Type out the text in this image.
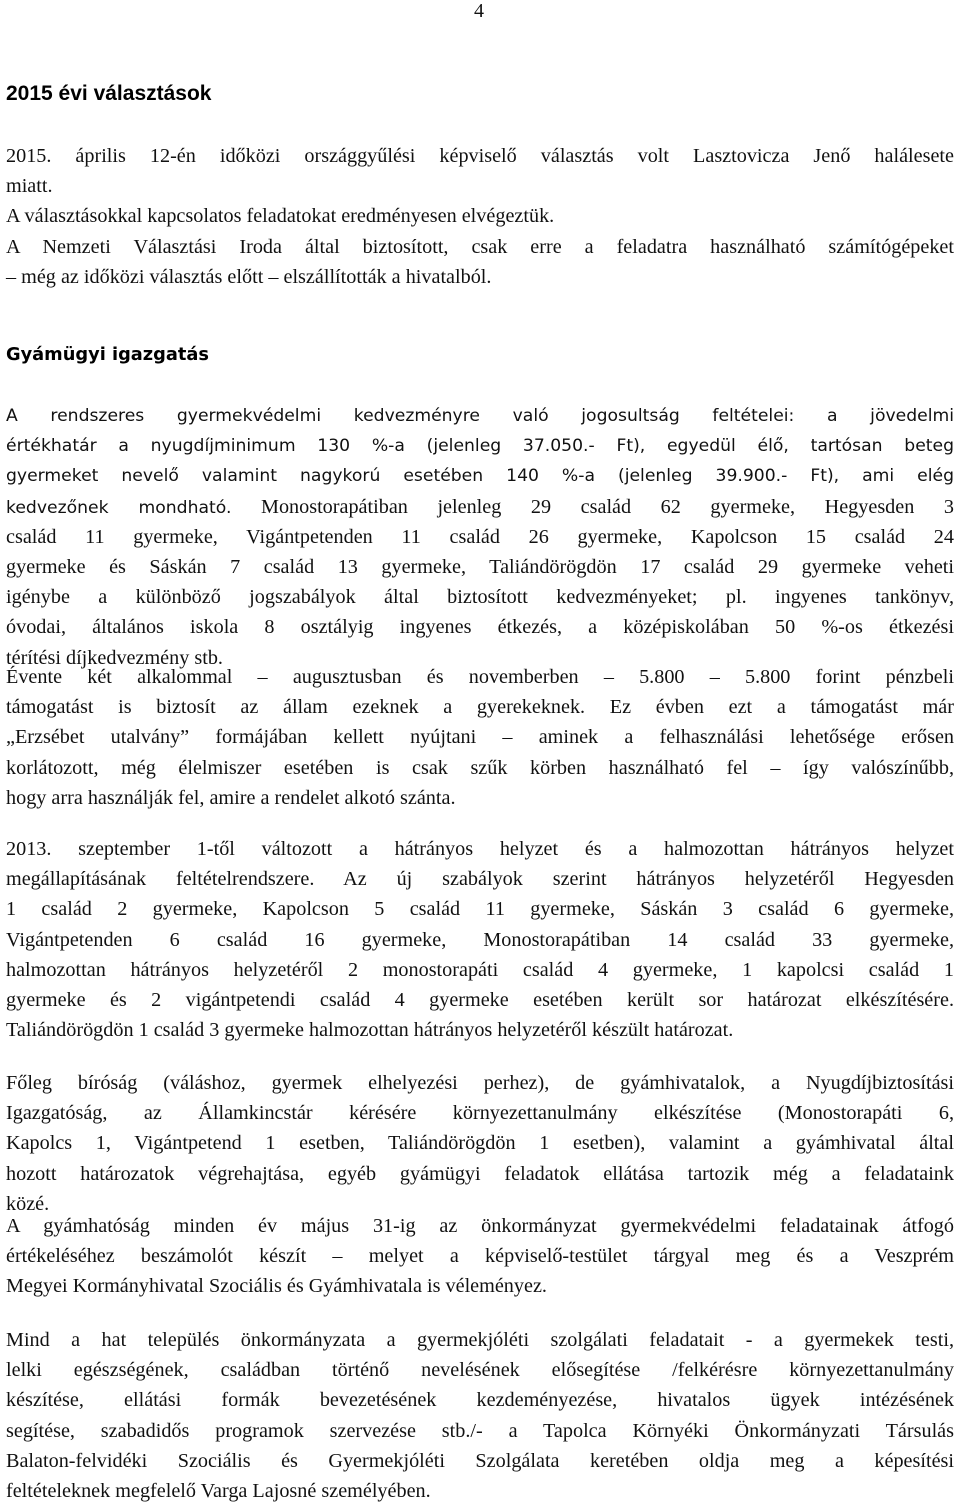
4
2015 évi választások
2015. április 12-én időközi országgyűlési képviselő választás volt Lasztovicza Jenő halálesete
miatt.
A választásokkal kapcsolatos feladatokat eredményesen elvégeztük.
A Nemzeti Választási Iroda által biztosított, csak erre a feladatra használható számítógépeket
– még az időközi választás előtt – elszállították a hivatalból.
Gyámügyi igazgatás
A rendszeres gyermekvédelmi kedvezményre való jogosultság feltételei: a jövedelmi
értékhatár a nyugdíjminimum 130 %-a (jelenleg 37.050.- Ft), egyedül élő, tartósan beteg
gyermeket nevelő valamint nagykorú esetében 140 %-a (jelenleg 39.900.- Ft), ami elég
kedvezőnek mondható. Monostorapátiban jelenleg 29 család 62 gyermeke, Hegyesden 3
család 11 gyermeke, Vigántpetenden 11 család 26 gyermeke, Kapolcson 15 család 24
gyermeke és Sáskán 7 család 13 gyermeke, Taliándörögdön 17 család 29 gyermeke veheti
igénybe a különböző jogszabályok által biztosított kedvezményeket; pl. ingyenes tankönyv,
óvodai, általános iskola 8 osztályig ingyenes étkezés, a középiskolában 50 %-os étkezési
térítési díjkedvezmény stb.
Évente két alkalommal – augusztusban és novemberben – 5.800 – 5.800 forint pénzbeli
támogatást is biztosít az állam ezeknek a gyerekeknek. Ez évben ezt a támogatást már
„Erzsébet utalvány” formájában kellett nyújtani – aminek a felhasználási lehetősége erősen
korlátozott, még élelmiszer esetében is csak szűk körben használható fel – így valószínűbb,
hogy arra használják fel, amire a rendelet alkotó szánta.
2013. szeptember 1-től változott a hátrányos helyzet és a halmozottan hátrányos helyzet
megállapításának feltételrendszere. Az új szabályok szerint hátrányos helyzetéről Hegyesden
1 család 2 gyermeke, Kapolcson 5 család 11 gyermeke, Sáskán 3 család 6 gyermeke,
Vigántpetenden 6 család 16 gyermeke, Monostorapátiban 14 család 33 gyermeke,
halmozottan hátrányos helyzetéről 2 monostorapáti család 4 gyermeke, 1 kapolcsi család 1
gyermeke és 2 vigántpetendi család 4 gyermeke esetében került sor határozat elkészítésére.
Taliándörögdön 1 család 3 gyermeke halmozottan hátrányos helyzetéről készült határozat.
Főleg bíróság (váláshoz, gyermek elhelyezési perhez), de gyámhivatalok, a Nyugdíjbiztosítási
Igazgatóság, az Államkincstár kérésére környezettanulmány elkészítése (Monostorapáti 6,
Kapolcs 1, Vigántpetend 1 esetben, Taliándörögdön 1 esetben), valamint a gyámhivatal által
hozott határozatok végrehajtása, egyéb gyámügyi feladatok ellátása tartozik még a feladataink
közé.
A gyámhatóság minden év május 31-ig az önkormányzat gyermekvédelmi feladatainak átfogó
értékeléséhez beszámolót készít – melyet a képviselő-testület tárgyal meg és a Veszprém
Megyei Kormányhivatal Szociális és Gyámhivatala is véleményez.
Mind a hat település önkormányzata a gyermekjóléti szolgálati feladatait - a gyermekek testi,
lelki egészségének, családban történő nevelésének elősegítése /felkérésre környezettanulmány
készítése, ellátási formák bevezetésének kezdeményezése, hivatalos ügyek intézésének
segítése, szabadidős programok szervezése stb./- a Tapolca Környéki Önkormányzati Társulás
Balaton-felvidéki Szociális és Gyermekjóléti Szolgálata keretében oldja meg a képesítési
feltételeknek megfelelő Varga Lajosné személyében.
